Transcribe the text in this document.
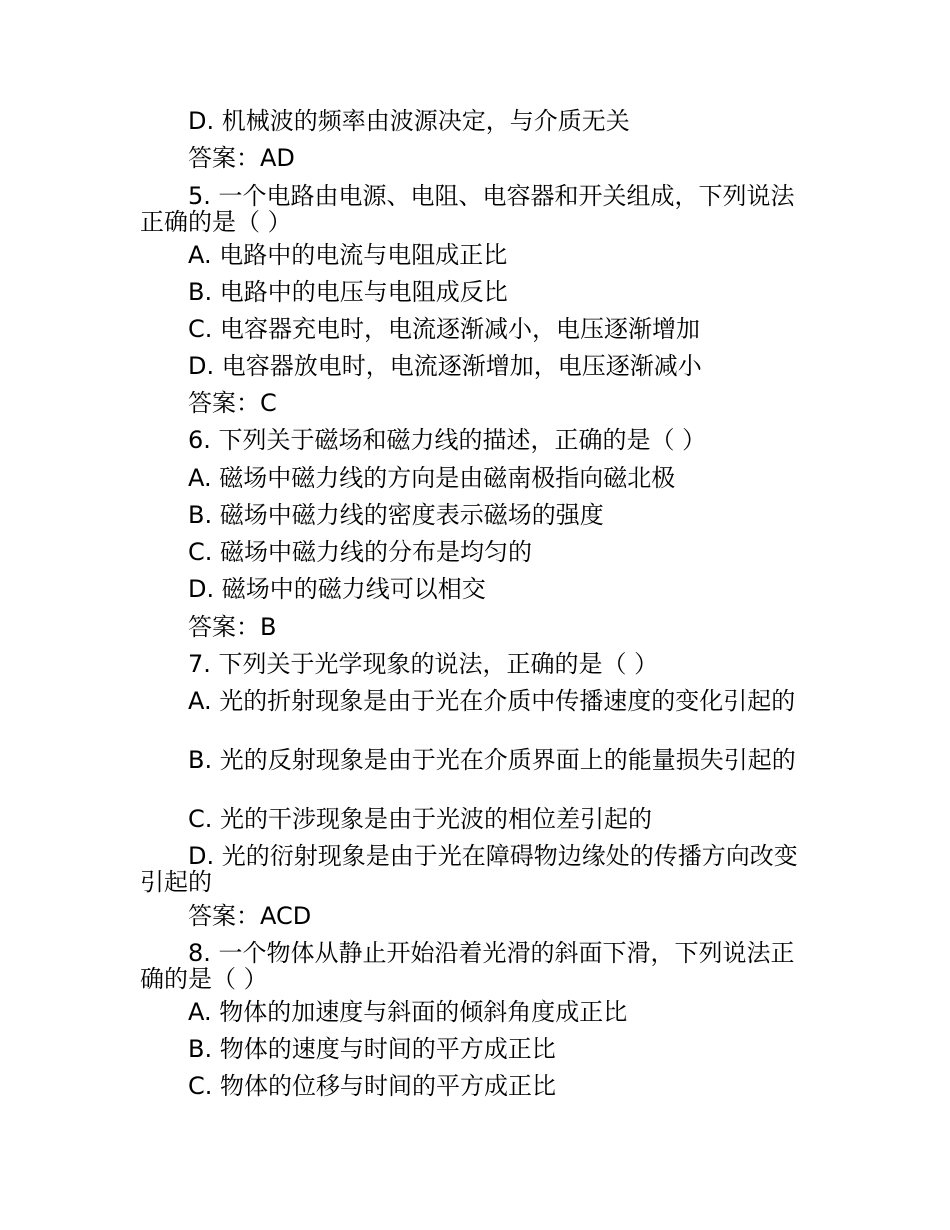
D. 机械波的频率由波源决定，与介质无关
答案：AD
5. 一个电路由电源、电阻、电容器和开关组成，下列说法正确的是（ ）
A. 电路中的电流与电阻成正比
B. 电路中的电压与电阻成反比
C. 电容器充电时，电流逐渐减小，电压逐渐增加
D. 电容器放电时，电流逐渐增加，电压逐渐减小
答案：C
6. 下列关于磁场和磁力线的描述，正确的是（ ）
A. 磁场中磁力线的方向是由磁南极指向磁北极
B. 磁场中磁力线的密度表示磁场的强度
C. 磁场中磁力线的分布是均匀的
D. 磁场中的磁力线可以相交
答案：B
7. 下列关于光学现象的说法，正确的是（ ）
A. 光的折射现象是由于光在介质中传播速度的变化引起的
B. 光的反射现象是由于光在介质界面上的能量损失引起的
C. 光的干涉现象是由于光波的相位差引起的
D. 光的衍射现象是由于光在障碍物边缘处的传播方向改变引起的
答案：ACD
8. 一个物体从静止开始沿着光滑的斜面下滑，下列说法正确的是（ ）
A. 物体的加速度与斜面的倾斜角度成正比
B. 物体的速度与时间的平方成正比
C. 物体的位移与时间的平方成正比
